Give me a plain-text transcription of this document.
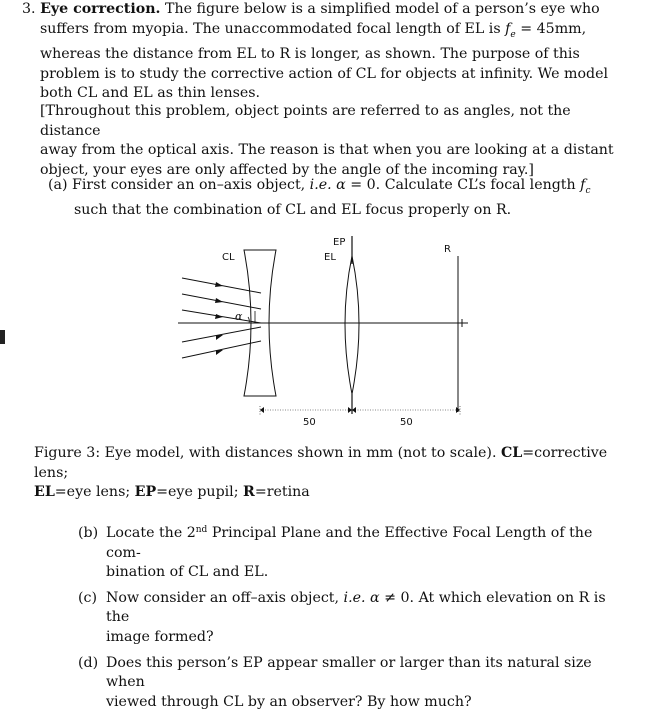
3. Eye correction. The figure below is a simplified model of a person’s eye who
suffers from myopia. The unaccommodated focal length of EL is $f_e = 45mm$,
whereas the distance from EL to R is longer, as shown. The purpose of this
problem is to study the corrective action of CL for objects at infinity. We model
both CL and EL as thin lenses.

[Throughout this problem, object points are referred to as angles, not the distance
away from the optical axis. The reason is that when you are looking at a distant
object, your eyes are only affected by the angle of the incoming ray.]

(a) First consider an on–axis object, i.e. α = 0. Calculate CL’s focal length $f_c$
such that the combination of CL and EL focus properly on R.

α
CL
EP
EL
R
50	50
Figure 3: Eye model, with distances shown in mm (not to scale). CL=corrective lens;
EL=eye lens; EP=eye pupil; R=retina
(b) Locate the 2nd Principal Plane and the Effective Focal Length of the com-
bination of CL and EL.
(c) Now consider an off–axis object, i.e. α ≠ 0. At which elevation on R is the
image formed?
(d) Does this person’s EP appear smaller or larger than its natural size when
viewed through CL by an observer? By how much?
